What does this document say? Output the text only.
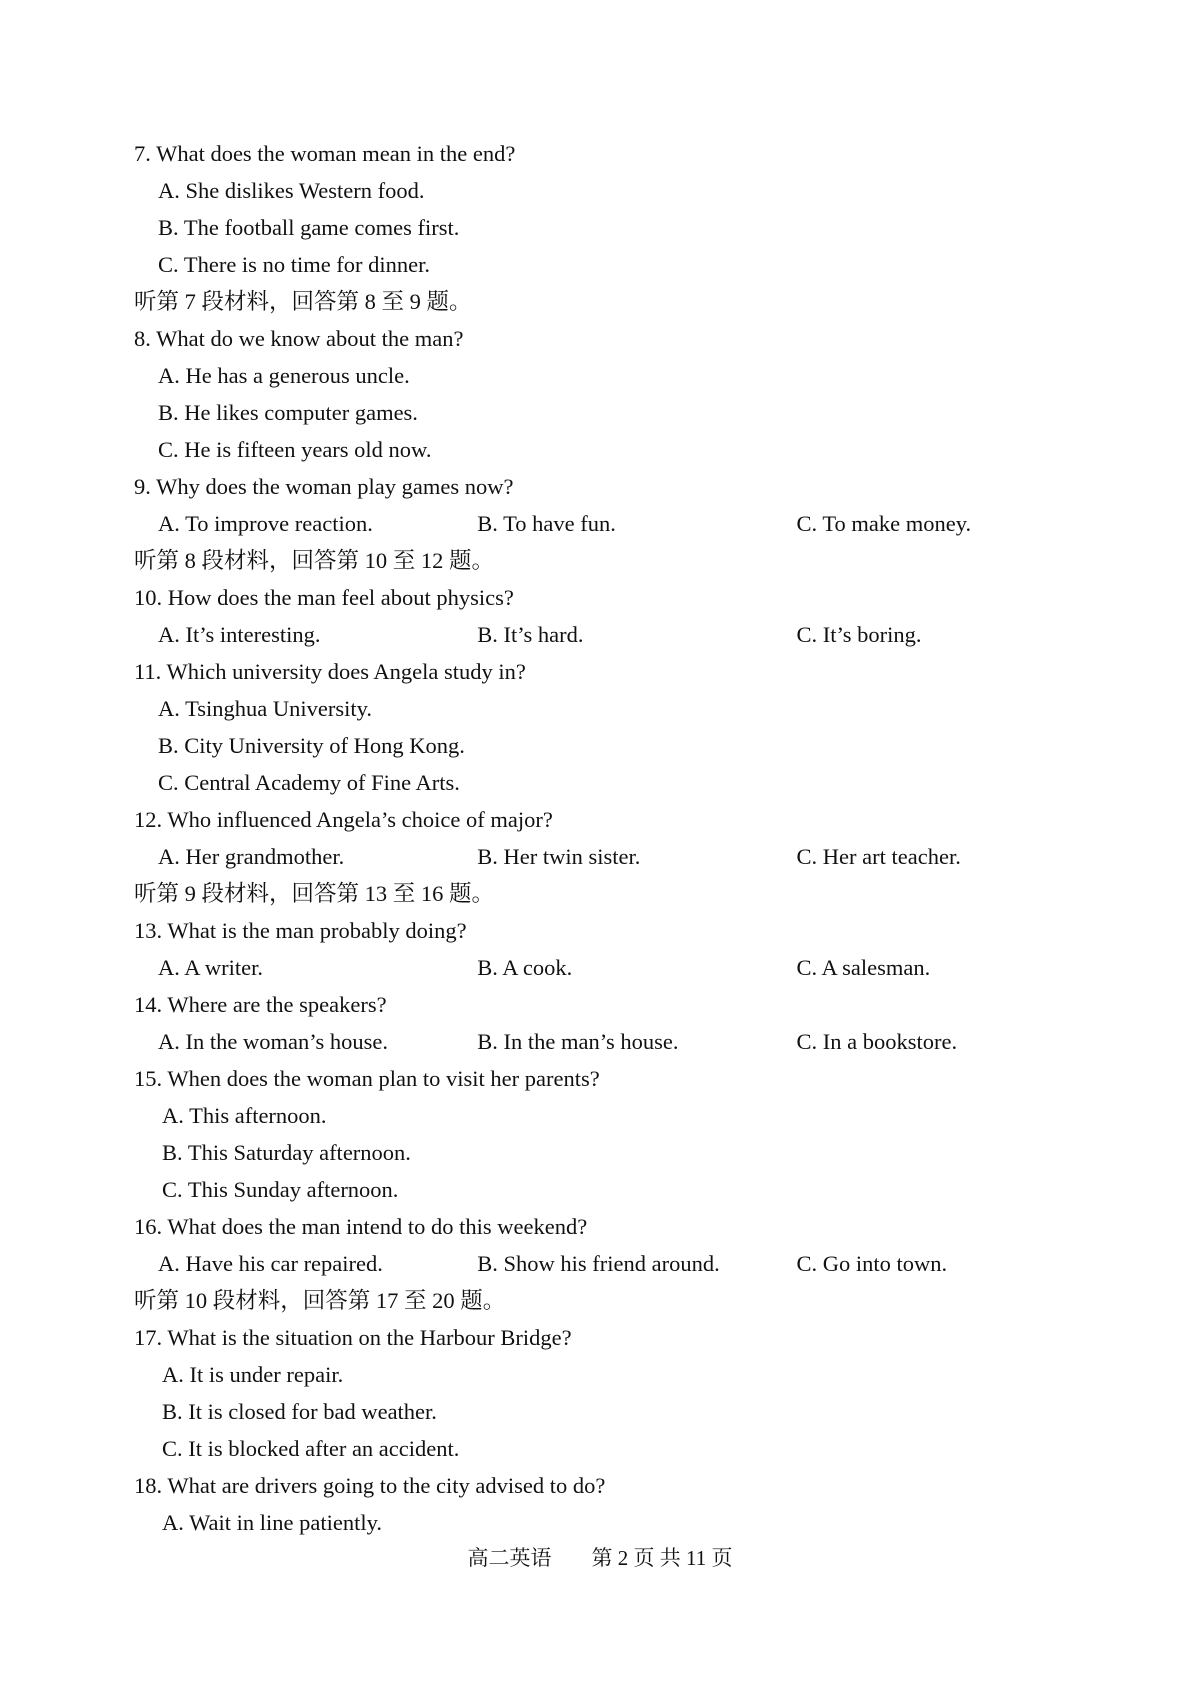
7. What does the woman mean in the end?
A. She dislikes Western food.
B. The football game comes first.
C. There is no time for dinner.
听第 7 段材料，回答第 8 至 9 题。
8. What do we know about the man?
A. He has a generous uncle.
B. He likes computer games.
C. He is fifteen years old now.
9. Why does the woman play games now?
A. To improve reaction.	B. To have fun.	C. To make money.
听第 8 段材料，回答第 10 至 12 题。
10. How does the man feel about physics?
A. It’s interesting.	B. It’s hard.	C. It’s boring.
11. Which university does Angela study in?
A. Tsinghua University.
B. City University of Hong Kong.
C. Central Academy of Fine Arts.
12. Who influenced Angela’s choice of major?
A. Her grandmother.	B. Her twin sister.	C. Her art teacher.
听第 9 段材料，回答第 13 至 16 题。
13. What is the man probably doing?
A. A writer.	B. A cook.	C. A salesman.
14. Where are the speakers?
A. In the woman’s house.	B. In the man’s house.	C. In a bookstore.
15. When does the woman plan to visit her parents?
A. This afternoon.
B. This Saturday afternoon.
C. This Sunday afternoon.
16. What does the man intend to do this weekend?
A. Have his car repaired.	B. Show his friend around.	C. Go into town.
听第 10 段材料，回答第 17 至 20 题。
17. What is the situation on the Harbour Bridge?
A. It is under repair.
B. It is closed for bad weather.
C. It is blocked after an accident.
18. What are drivers going to the city advised to do?
A. Wait in line patiently.
高二英语 第 2 页 共 11 页
